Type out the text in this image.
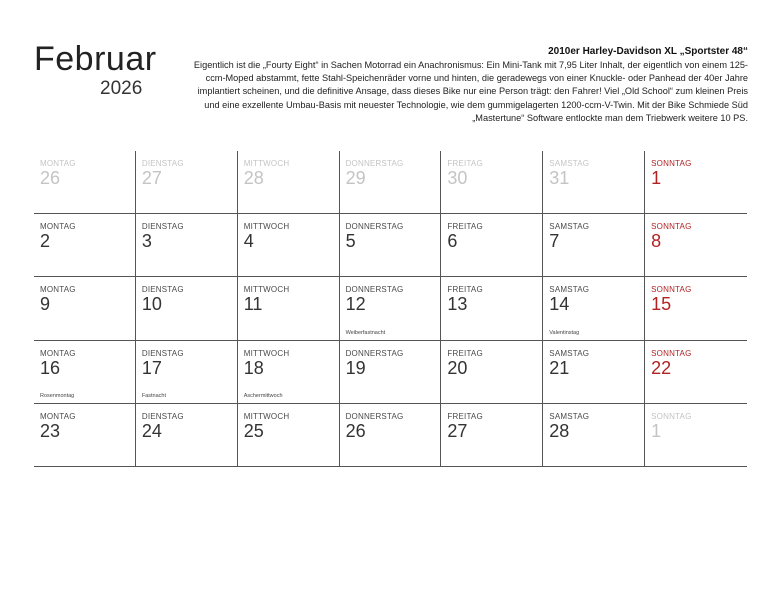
Februar
2026
2010er Harley-Davidson XL „Sportster 48“
Eigentlich ist die „Fourty Eight“ in Sachen Motorrad ein Anachronismus: Ein Mini-Tank mit 7,95 Liter Inhalt, der eigentlich von einem 125-ccm-Moped abstammt, fette Stahl-Speichenräder vorne und hinten, die geradewegs von einer Knuckle- oder Panhead der 40er Jahre implantiert scheinen, und die definitive Ansage, dass dieses Bike nur eine Person trägt: den Fahrer! Viel „Old School“ zum kleinen Preis und eine exzellente Umbau-Basis mit neuester Technologie, wie dem gummigelagerten 1200-ccm-V-Twin. Mit der Bike Schmiede Süd „Mastertune“ Software entlockte man dem Triebwerk weitere 10 PS.
MONTAG
26
DIENSTAG
27
MITTWOCH
28
DONNERSTAG
29
FREITAG
30
SAMSTAG
31
SONNTAG
1
MONTAG
2
DIENSTAG
3
MITTWOCH
4
DONNERSTAG
5
FREITAG
6
SAMSTAG
7
SONNTAG
8
MONTAG
9
DIENSTAG
10
MITTWOCH
11
DONNERSTAG
12
Weiberfastnacht
FREITAG
13
SAMSTAG
14
Valentinstag
SONNTAG
15
MONTAG
16
Rosenmontag
DIENSTAG
17
Fastnacht
MITTWOCH
18
Aschermittwoch
DONNERSTAG
19
FREITAG
20
SAMSTAG
21
SONNTAG
22
MONTAG
23
DIENSTAG
24
MITTWOCH
25
DONNERSTAG
26
FREITAG
27
SAMSTAG
28
SONNTAG
1
